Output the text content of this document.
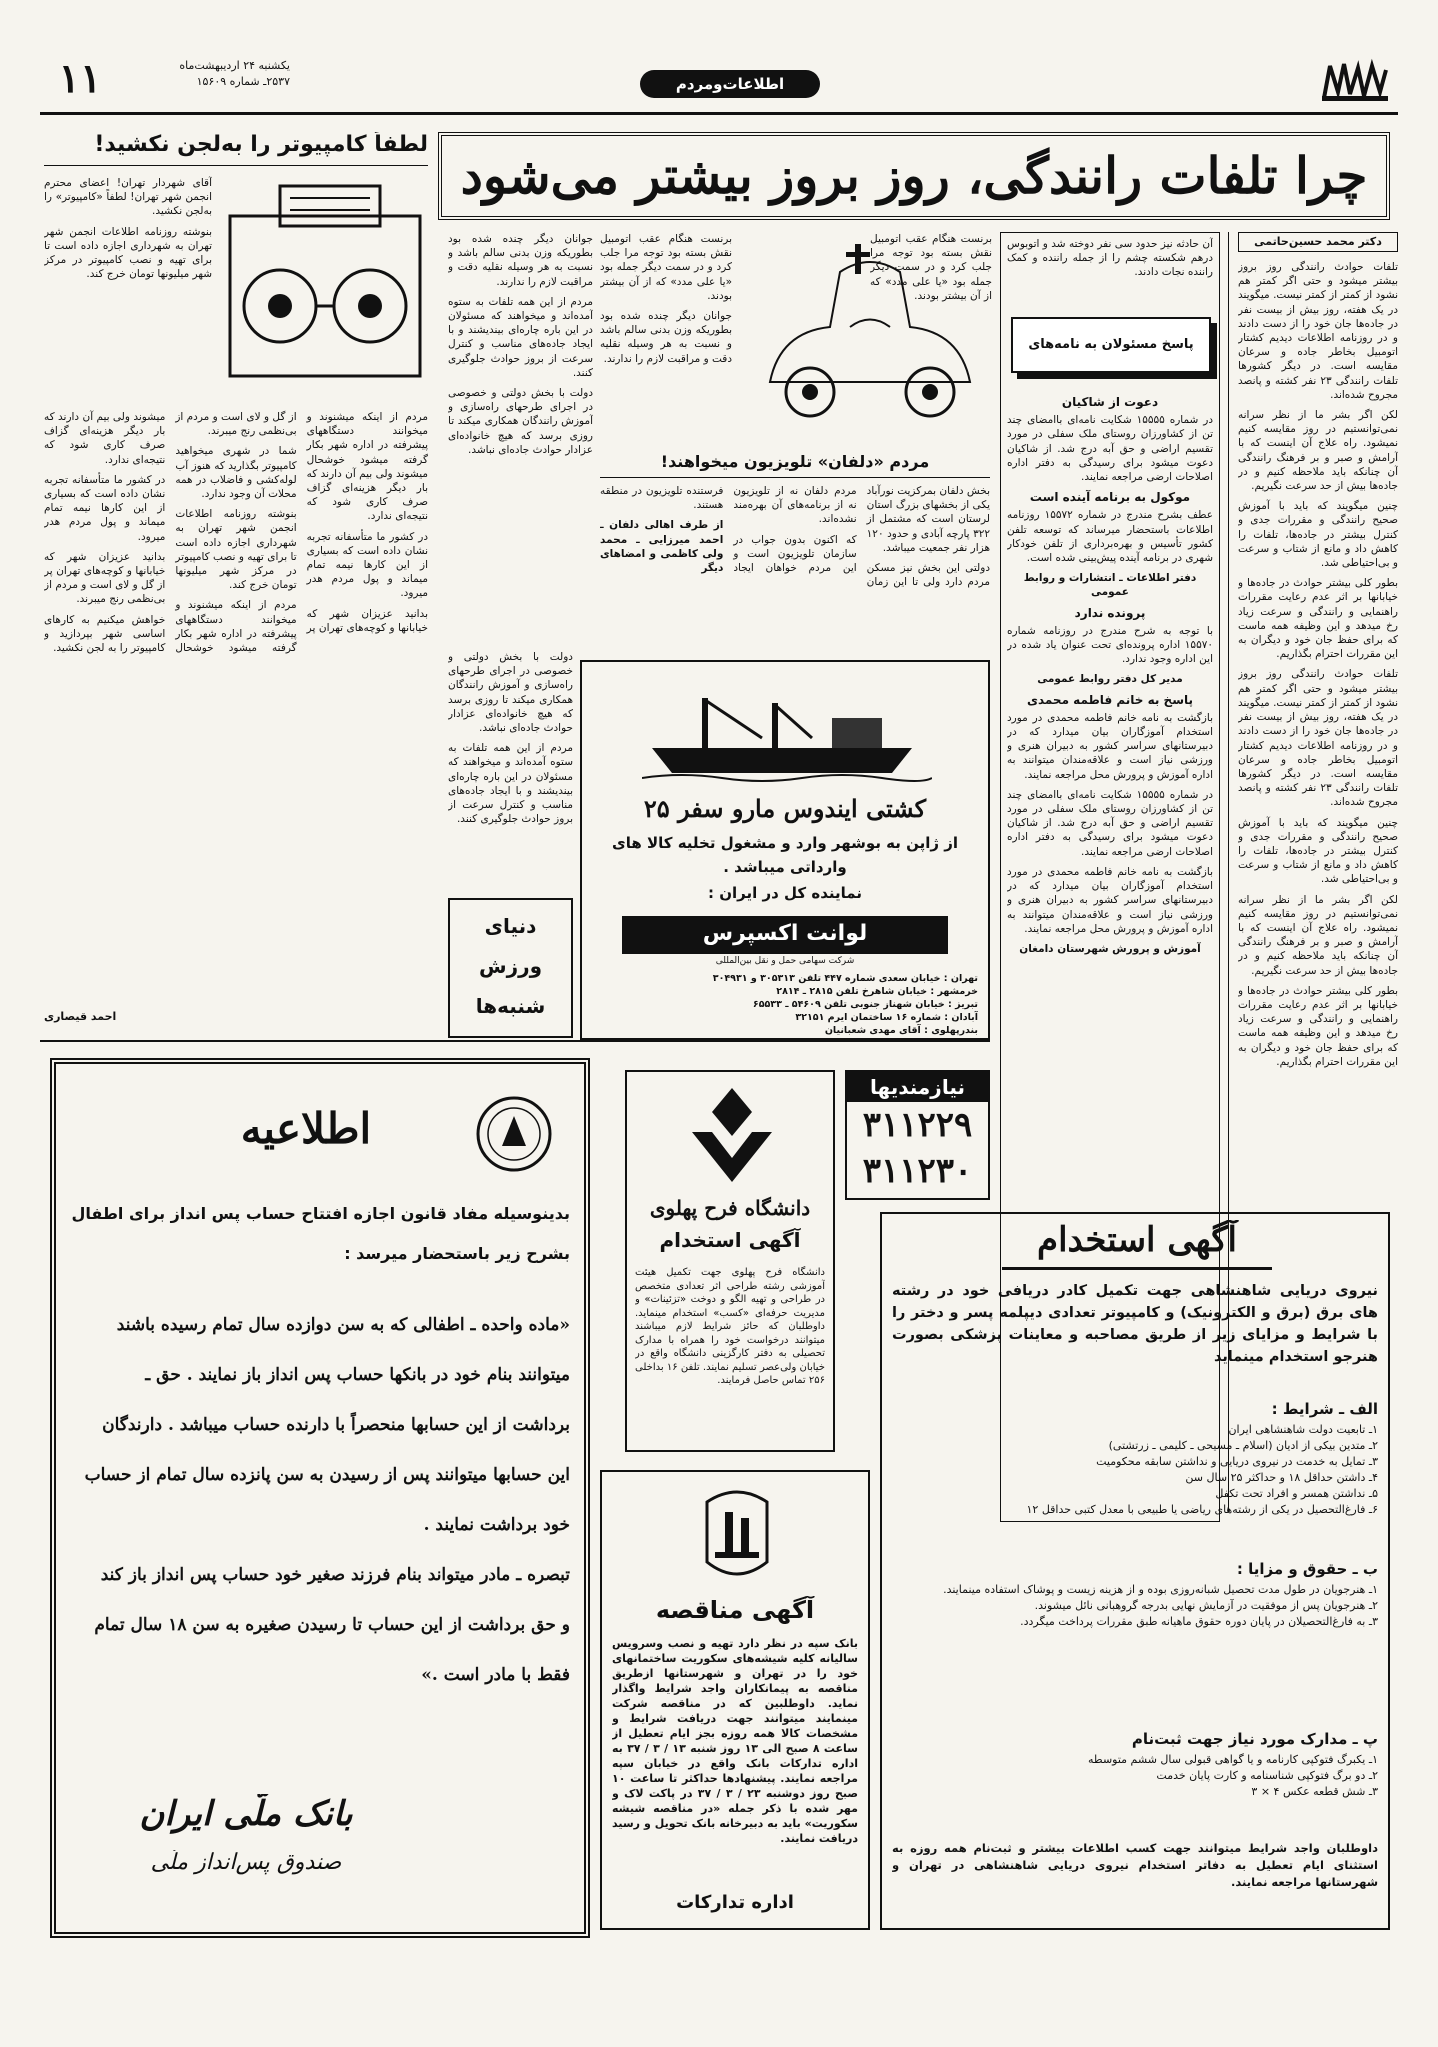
اطلاعات‌ومردم
یکشنبه ۲۴ اردیبهشت‌ماه
۲۵۳۷ـ شماره ۱۵۶۰۹
۱۱
چرا تلفات رانندگی، روز بروز بیشتر می‌شود
دکتر محمد حسین‌حاتمی

تلفات حوادث رانندگی روز بروز بیشتر میشود و حتی اگر کمتر هم نشود از کمتر از کمتر نیست. میگویند در یک هفته، روز بیش از بیست نفر در جاده‌ها جان خود را از دست دادند و در روزنامه اطلاعات دیدیم کشتار اتومبیل بخاطر جاده و سرعان مقایسه است. در دیگر کشورها تلفات رانندگی ۲۳ نفر کشته و پانصد مجروح شده‌اند.

لکن اگر بشر ما از نظر سرانه نمی‌توانستیم در روز مقایسه کنیم نمیشود. راه علاج آن اینست که با آرامش و صبر و بر فرهنگ رانندگی آن چنانکه باید ملاحظه کنیم و در جاده‌ها بیش از حد سرعت نگیریم.

چنین میگویند که باید با آموزش صحیح رانندگی و مقررات جدی و کنترل بیشتر در جاده‌ها، تلفات را کاهش داد و مانع از شتاب و سرعت و بی‌احتیاطی شد.

بطور کلی بیشتر حوادث در جاده‌ها و خیابانها بر اثر عدم رعایت مقررات راهنمایی و رانندگی و سرعت زیاد رخ میدهد و این وظیفه همه ماست که برای حفظ جان خود و دیگران به این مقررات احترام بگذاریم.

تلفات حوادث رانندگی روز بروز بیشتر میشود و حتی اگر کمتر هم نشود از کمتر از کمتر نیست. میگویند در یک هفته، روز بیش از بیست نفر در جاده‌ها جان خود را از دست دادند و در روزنامه اطلاعات دیدیم کشتار اتومبیل بخاطر جاده و سرعان مقایسه است. در دیگر کشورها تلفات رانندگی ۲۳ نفر کشته و پانصد مجروح شده‌اند.

چنین میگویند که باید با آموزش صحیح رانندگی و مقررات جدی و کنترل بیشتر در جاده‌ها، تلفات را کاهش داد و مانع از شتاب و سرعت و بی‌احتیاطی شد.

لکن اگر بشر ما از نظر سرانه نمی‌توانستیم در روز مقایسه کنیم نمیشود. راه علاج آن اینست که با آرامش و صبر و بر فرهنگ رانندگی آن چنانکه باید ملاحظه کنیم و در جاده‌ها بیش از حد سرعت نگیریم.

بطور کلی بیشتر حوادث در جاده‌ها و خیابانها بر اثر عدم رعایت مقررات راهنمایی و رانندگی و سرعت زیاد رخ میدهد و این وظیفه همه ماست که برای حفظ جان خود و دیگران به این مقررات احترام بگذاریم.

آن حادثه نیز حدود سی نفر دوخته شد و اتوبوس درهم شکسته چشم را از جمله راننده و کمک راننده نجات دادند.

پاسخ مسئولان به نامه‌های
دعوت از شاکیان

در شماره ۱۵۵۵۵ شکایت نامه‌ای باامضای چند تن از کشاورزان روستای ملک سفلی در مورد تقسیم اراضی و حق آبه درج شد. از شاکیان دعوت میشود برای رسیدگی به دفتر اداره اصلاحات ارضی مراجعه نمایند.

موکول به برنامه آینده است

عطف بشرح مندرج در شماره ۱۵۵۷۲ روزنامه اطلاعات باستحضار میرساند که توسعه تلفن کشور تأسیس و بهره‌برداری از تلفن خودکار شهری در برنامه آینده پیش‌بینی شده است.

دفتر اطلاعات ـ انتشارات و روابط عمومی

پرونده ندارد

با توجه به شرح مندرج در روزنامه شماره ۱۵۵۷۰ اداره پرونده‌ای تحت عنوان یاد شده در این اداره وجود ندارد.

مدیر کل دفتر روابط عمومی

پاسخ به خانم فاطمه محمدی

بازگشت به نامه خانم فاطمه محمدی در مورد استخدام آموزگاران بیان میدارد که در دبیرستانهای سراسر کشور به دبیران هنری و ورزشی نیاز است و علاقه‌مندان میتوانند به اداره آموزش و پرورش محل مراجعه نمایند.

در شماره ۱۵۵۵۵ شکایت نامه‌ای باامضای چند تن از کشاورزان روستای ملک سفلی در مورد تقسیم اراضی و حق آبه درج شد. از شاکیان دعوت میشود برای رسیدگی به دفتر اداره اصلاحات ارضی مراجعه نمایند.

بازگشت به نامه خانم فاطمه محمدی در مورد استخدام آموزگاران بیان میدارد که در دبیرستانهای سراسر کشور به دبیران هنری و ورزشی نیاز است و علاقه‌مندان میتوانند به اداره آموزش و پرورش محل مراجعه نمایند.

آموزش و پرورش شهرستان دامغان

برنست هنگام عقب اتومبیل نقش بسته بود توجه مرا جلب کرد و در سمت دیگر جمله بود «یا علی مدد» که از آن بیشتر بودند.

برنست هنگام عقب اتومبیل نقش بسته بود توجه مرا جلب کرد و در سمت دیگر جمله بود «یا علی مدد» که از آن بیشتر بودند.

جوانان دیگر چنده شده بود بطوریکه وزن بدنی سالم باشد و نسبت به هر وسیله نقلیه دقت و مراقبت لازم را ندارند.

جوانان دیگر چنده شده بود بطوریکه وزن بدنی سالم باشد و نسبت به هر وسیله نقلیه دقت و مراقبت لازم را ندارند.

مردم از این همه تلفات به ستوه آمده‌اند و میخواهند که مسئولان در این باره چاره‌ای بیندیشند و با ایجاد جاده‌های مناسب و کنترل سرعت از بروز حوادث جلوگیری کنند.

دولت با بخش دولتی و خصوصی در اجرای طرحهای راه‌سازی و آموزش رانندگان همکاری میکند تا روزی برسد که هیچ خانواده‌ای عزادار حوادث جاده‌ای نباشد.

مردم «دلفان» تلویزیون میخواهند!

بخش دلفان بمرکزیت نورآباد یکی از بخشهای بزرگ استان لرستان است که مشتمل از ۳۲۲ پارچه آبادی و حدود ۱۲۰ هزار نفر جمعیت میباشد.

دولتی این بخش نیز مسکن مردم دارد ولی تا این زمان مردم دلفان نه از تلویزیون نه از برنامه‌های آن بهره‌مند نشده‌اند.

که اکنون بدون جواب در سازمان تلویزیون است و این مردم خواهان ایجاد فرستنده تلویزیون در منطقه هستند.

از طرف اهالی دلفان ـ احمد میرزایی ـ محمد ولی کاظمی و امضاهای دیگر

کشتی ایندوس مارو سفر ۲۵
از ژاپن به بوشهر وارد و مشغول تخلیه کالا های
وارداتی میباشد .
نماینده کل در ایران :
لوانت اکسپرس
شرکت سهامی حمل و نقل بین‌المللی
تهران : خیابان سعدی شماره ۴۴۷ تلفن ۳۰۵۳۱۳ و ۳۰۴۹۳۱
خرمشهر : خیابان شاهرخ تلفن ۲۸۱۵ ـ ۲۸۱۴
تبریز : خیابان شهناز جنوبی تلفن ۵۴۶۰۹ ـ ۶۵۵۳۳
آبادان : شماره ۱۶ ساختمان ایرم ۳۲۱۵۱
بندرپهلوی : آقای مهدی شعبانیان

دولت با بخش دولتی و خصوصی در اجرای طرحهای راه‌سازی و آموزش رانندگان همکاری میکند تا روزی برسد که هیچ خانواده‌ای عزادار حوادث جاده‌ای نباشد.

مردم از این همه تلفات به ستوه آمده‌اند و میخواهند که مسئولان در این باره چاره‌ای بیندیشند و با ایجاد جاده‌های مناسب و کنترل سرعت از بروز حوادث جلوگیری کنند.

دنیای ورزش
شنبه‌ها
لطفاً کامپیوتر را به‌لجن نکشید!

آقای شهردار تهران! اعضای محترم انجمن شهر تهران! لطفاً «کامپیوتر» را به‌لجن نکشید.

بنوشته روزنامه اطلاعات انجمن شهر تهران به شهرداری اجازه داده است تا برای تهیه و نصب کامپیوتر در مرکز شهر میلیونها تومان خرج کند.

مردم از اینکه میشنوند و میخوانند دستگاههای پیشرفته در اداره شهر بکار گرفته میشود خوشحال میشوند ولی بیم آن دارند که بار دیگر هزینه‌ای گزاف صرف کاری شود که نتیجه‌ای ندارد.

در کشور ما متأسفانه تجربه نشان داده است که بسیاری از این کارها نیمه تمام میماند و پول مردم هدر میرود.

بدانید عزیزان شهر که خیابانها و کوچه‌های تهران پر از گل و لای است و مردم از بی‌نظمی رنج میبرند.

شما در شهری میخواهید کامپیوتر بگذارید که هنوز آب لوله‌کشی و فاضلاب در همه محلات آن وجود ندارد.

بنوشته روزنامه اطلاعات انجمن شهر تهران به شهرداری اجازه داده است تا برای تهیه و نصب کامپیوتر در مرکز شهر میلیونها تومان خرج کند.

مردم از اینکه میشنوند و میخوانند دستگاههای پیشرفته در اداره شهر بکار گرفته میشود خوشحال میشوند ولی بیم آن دارند که بار دیگر هزینه‌ای گزاف صرف کاری شود که نتیجه‌ای ندارد.

در کشور ما متأسفانه تجربه نشان داده است که بسیاری از این کارها نیمه تمام میماند و پول مردم هدر میرود.

بدانید عزیزان شهر که خیابانها و کوچه‌های تهران پر از گل و لای است و مردم از بی‌نظمی رنج میبرند.

خواهش میکنیم به کارهای اساسی شهر بپردازید و کامپیوتر را به لجن نکشید.

احمد قیصاری
اطلاعیه
بدینوسیله مفاد قانون اجازه افتتاح حساب پس انداز برای اطفال
بشرح زیر باستحضار میرسد :
«ماده واحده ـ اطفالی که به سن دوازده سال تمام رسیده باشند
میتوانند بنام خود در بانکها حساب پس انداز باز نمایند . حق ـ
برداشت از این حسابها منحصراً با دارنده حساب میباشد . دارندگان
این حسابها میتوانند پس از رسیدن به سن پانزده سال تمام از حساب
خود برداشت نمایند .
تبصره ـ مادر میتواند بنام فرزند صغیر خود حساب پس انداز باز کند
و حق برداشت از این حساب تا رسیدن صغیره به سن ۱۸ سال تمام
فقط با مادر است .»
بانک ملّی ایران
صندوق پس‌انداز ملّی
دانشگاه فرح پهلوی
آگهی استخدام
دانشگاه فرح پهلوی جهت تکمیل هیئت آموزشی رشته طراحی اثر تعدادی متخصص در طراحی و تهیه الگو و دوخت «تزئینات» و مدیریت حرفه‌ای «کسب» استخدام مینماید. داوطلبان که حائز شرایط لازم میباشند میتوانند درخواست خود را همراه با مدارک تحصیلی به دفتر کارگزینی دانشگاه واقع در خیابان ولی‌عصر تسلیم نمایند. تلفن ۱۶ بداخلی ۲۵۶ تماس حاصل فرمایند.
نیازمندیها
۳۱۱۲۲۹
۳۱۱۲۳۰
آگهی مناقصه
بانک سپه در نظر دارد تهیه و نصب وسرویس سالیانه کلیه شیشه‌های سکوریت ساختمانهای خود را در تهران و شهرستانها ازطریق مناقصه به پیمانکاران واجد شرایط واگذار نماید. داوطلبین که در مناقصه شرکت مینمایند میتوانند جهت دریافت شرایط و مشخصات کالا همه روزه بجز ایام تعطیل از ساعت ۸ صبح الی ۱۳ روز شنبه ۱۳ / ۳ / ۳۷ به اداره تدارکات بانک واقع در خیابان سپه مراجعه نمایند. پیشنهادها حداکثر تا ساعت ۱۰ صبح روز دوشنبه ۲۳ / ۳ / ۳۷ در پاکت لاک و مهر شده با ذکر جمله «در مناقصه شیشه سکوریت» باید به دبیرخانه بانک تحویل و رسید دریافت نمایند.
اداره تدارکات
آگهی استخدام
نیروی دریایی شاهنشاهی جهت تکمیل کادر دریافی خود در رشته های برق (برق و الکترونیک) و کامپیوتر تعدادی دیپلمه پسر و دختر را با شرایط و مزایای زیر از طریق مصاحبه و معاینات پزشکی بصورت هنرجو استخدام مینماید
الف ـ شرایط :
۱ـ تابعیت دولت شاهنشاهی ایران
۲ـ متدین بیکی از ادیان (اسلام ـ مسیحی ـ کلیمی ـ زرتشتی)
۳ـ تمایل به خدمت در نیروی دریایی و نداشتن سابقه محکومیت
۴ـ داشتن حداقل ۱۸ و حداکثر ۲۵ سال سن
۵ـ نداشتن همسر و افراد تحت تکفل
۶ـ فارغ‌التحصیل در یکی از رشته‌های ریاضی یا طبیعی با معدل کتبی حداقل ۱۲
ب ـ حقوق و مزایا :
۱ـ هنرجویان در طول مدت تحصیل شبانه‌روزی بوده و از هزینه زیست و پوشاک استفاده مینمایند.
۲ـ هنرجویان پس از موفقیت در آزمایش نهایی بدرجه گروهبانی نائل میشوند.
۳ـ به فارغ‌التحصیلان در پایان دوره حقوق ماهیانه طبق مقررات پرداخت میگردد.
پ ـ مدارک مورد نیاز جهت ثبت‌نام
۱ـ یکبرگ فتوکپی کارنامه و یا گواهی قبولی سال ششم متوسطه
۲ـ دو برگ فتوکپی شناسنامه و کارت پایان خدمت
۳ـ شش قطعه عکس ۴ × ۳
داوطلبان واجد شرایط میتوانند جهت کسب اطلاعات بیشتر و ثبت‌نام همه روزه به استثنای ایام تعطیل به دفاتر استخدام نیروی دریایی شاهنشاهی در تهران و شهرستانها مراجعه نمایند.
